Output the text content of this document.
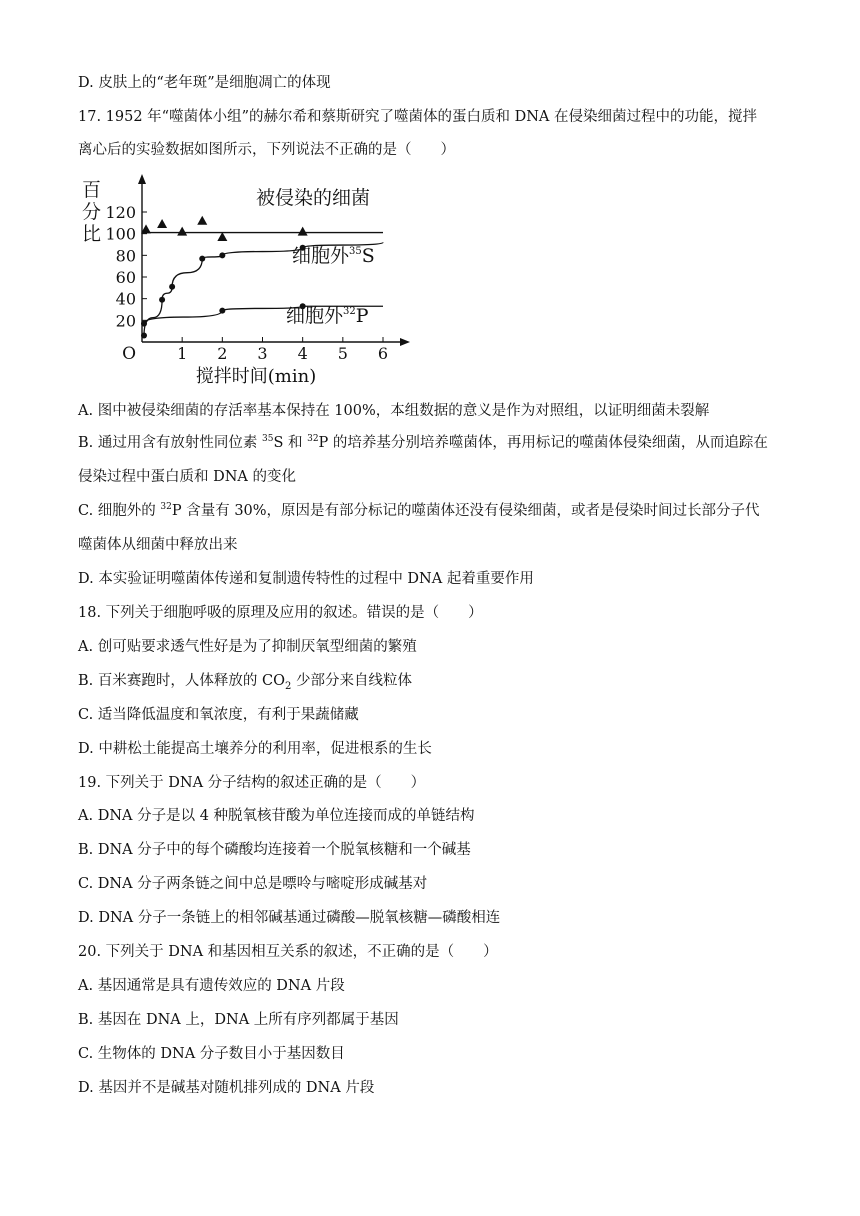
D. 皮肤上的“老年斑”是细胞凋亡的体现
17. 1952 年“噬菌体小组”的赫尔希和蔡斯研究了噬菌体的蛋白质和 DNA 在侵染细菌过程中的功能，搅拌
离心后的实验数据如图所示，下列说法不正确的是（　　）
1 2 3 4 5 6
20
40
60
80
100
120
O
百
分
比
搅拌时间(min)
被侵染的细菌
细胞外$^{35}$S
细胞外$^{32}$P
A. 图中被侵染细菌的存活率基本保持在 100%，本组数据的意义是作为对照组，以证明细菌未裂解
B. 通过用含有放射性同位素 $^{35}$S 和 $^{32}$P 的培养基分别培养噬菌体，再用标记的噬菌体侵染细菌，从而追踪在
侵染过程中蛋白质和 DNA 的变化
C. 细胞外的 $^{32}$P 含量有 30%，原因是有部分标记的噬菌体还没有侵染细菌，或者是侵染时间过长部分子代
噬菌体从细菌中释放出来
D. 本实验证明噬菌体传递和复制遗传特性的过程中 DNA 起着重要作用
18. 下列关于细胞呼吸的原理及应用的叙述。错误的是（　　）
A. 创可贴要求透气性好是为了抑制厌氧型细菌的繁殖
B. 百米赛跑时，人体释放的 $CO_2$ 少部分来自线粒体
C. 适当降低温度和氧浓度，有利于果蔬储藏
D. 中耕松土能提高土壤养分的利用率，促进根系的生长
19. 下列关于 DNA 分子结构的叙述正确的是（　　）
A. DNA 分子是以 4 种脱氧核苷酸为单位连接而成的单链结构
B. DNA 分子中的每个磷酸均连接着一个脱氧核糖和一个碱基
C. DNA 分子两条链之间中总是嘌呤与嘧啶形成碱基对
D. DNA 分子一条链上的相邻碱基通过磷酸—脱氧核糖—磷酸相连
20. 下列关于 DNA 和基因相互关系的叙述，不正确的是（　　）
A. 基因通常是具有遗传效应的 DNA 片段
B. 基因在 DNA 上，DNA 上所有序列都属于基因
C. 生物体的 DNA 分子数目小于基因数目
D. 基因并不是碱基对随机排列成的 DNA 片段
